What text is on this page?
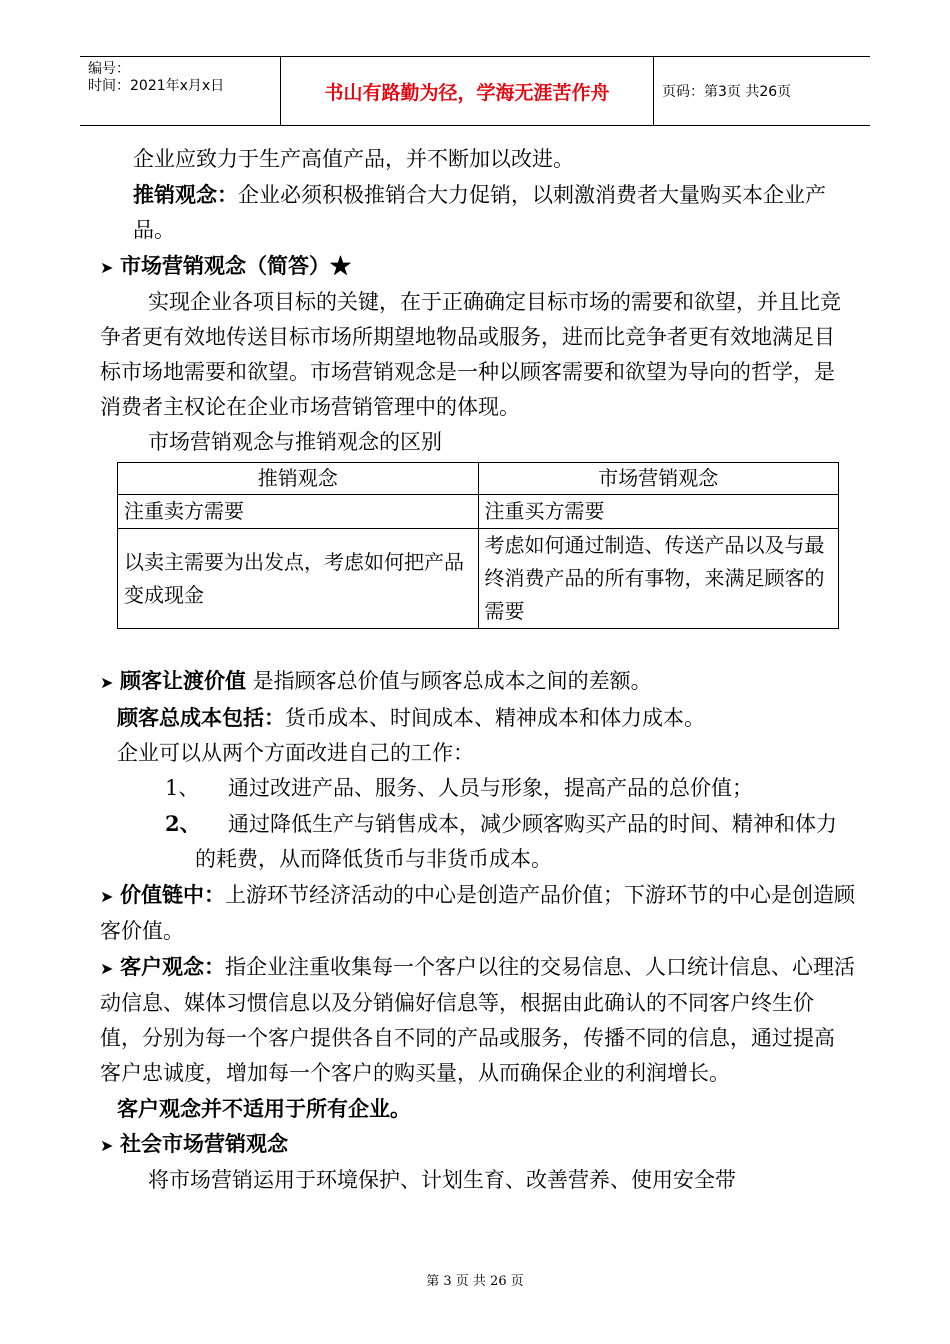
编号：
时间：2021年x月x日	书山有路勤为径，学海无涯苦作舟	页码：第3页 共26页

企业应致力于生产高值产品，并不断加以改进。

推销观念：企业必须积极推销合大力促销，以刺激消费者大量购买本企业产品。

➤ 市场营销观念（简答）★

实现企业各项目标的关键，在于正确确定目标市场的需要和欲望，并且比竞争者更有效地传送目标市场所期望地物品或服务，进而比竞争者更有效地满足目标市场地需要和欲望。市场营销观念是一种以顾客需要和欲望为导向的哲学，是消费者主权论在企业市场营销管理中的体现。

市场营销观念与推销观念的区别

推销观念	市场营销观念
注重卖方需要	注重买方需要
以卖主需要为出发点，考虑如何把产品变成现金	考虑如何通过制造、传送产品以及与最终消费产品的所有事物，来满足顾客的需要

➤ 顾客让渡价值 是指顾客总价值与顾客总成本之间的差额。

顾客总成本包括：货币成本、时间成本、精神成本和体力成本。

企业可以从两个方面改进自己的工作：

1、 通过改进产品、服务、人员与形象，提高产品的总价值；

2、 通过降低生产与销售成本，减少顾客购买产品的时间、精神和体力的耗费，从而降低货币与非货币成本。

➤ 价值链中：上游环节经济活动的中心是创造产品价值；下游环节的中心是创造顾客价值。

➤ 客户观念：指企业注重收集每一个客户以往的交易信息、人口统计信息、心理活动信息、媒体习惯信息以及分销偏好信息等，根据由此确认的不同客户终生价值，分别为每一个客户提供各自不同的产品或服务，传播不同的信息，通过提高客户忠诚度，增加每一个客户的购买量，从而确保企业的利润增长。

客户观念并不适用于所有企业。

➤ 社会市场营销观念

将市场营销运用于环境保护、计划生育、改善营养、使用安全带

第 3 页 共 26 页
